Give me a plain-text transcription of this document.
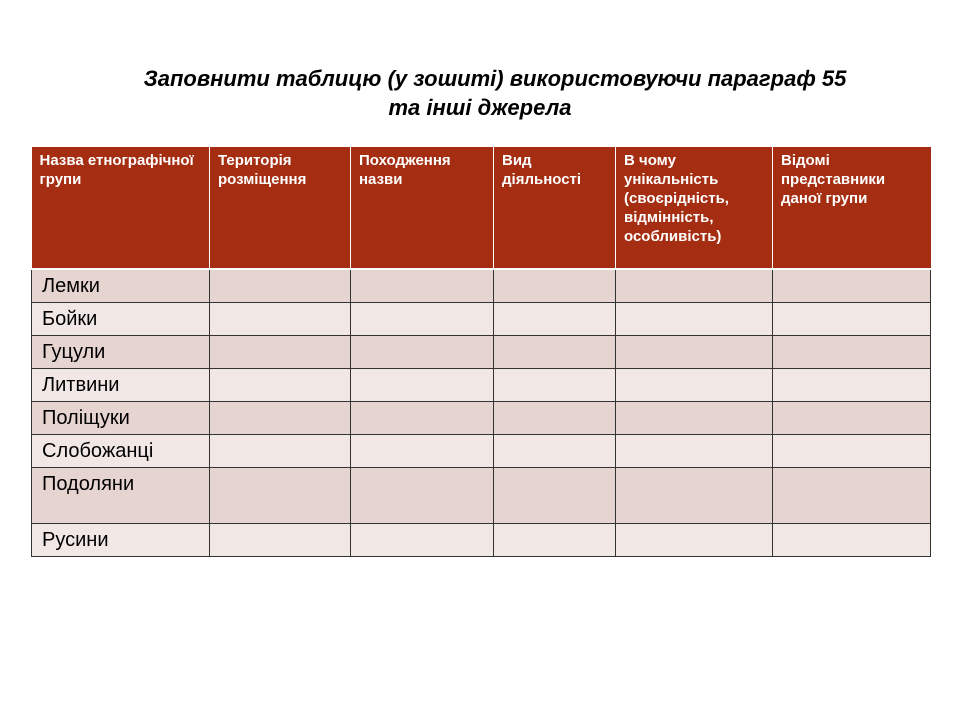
Заповнити таблицю (у зошиті) використовуючи параграф 55
та інші джерела
Назва етнографічної групи	Територія розміщення	Походження назви	Вид діяльності	В чому унікальність (своєрідність, відмінність, особливість)	Відомі представники даної групи
Лемки					
Бойки					
Гуцули					
Литвини					
Поліщуки					
Слобожанці					
Подоляни					
Русини					
